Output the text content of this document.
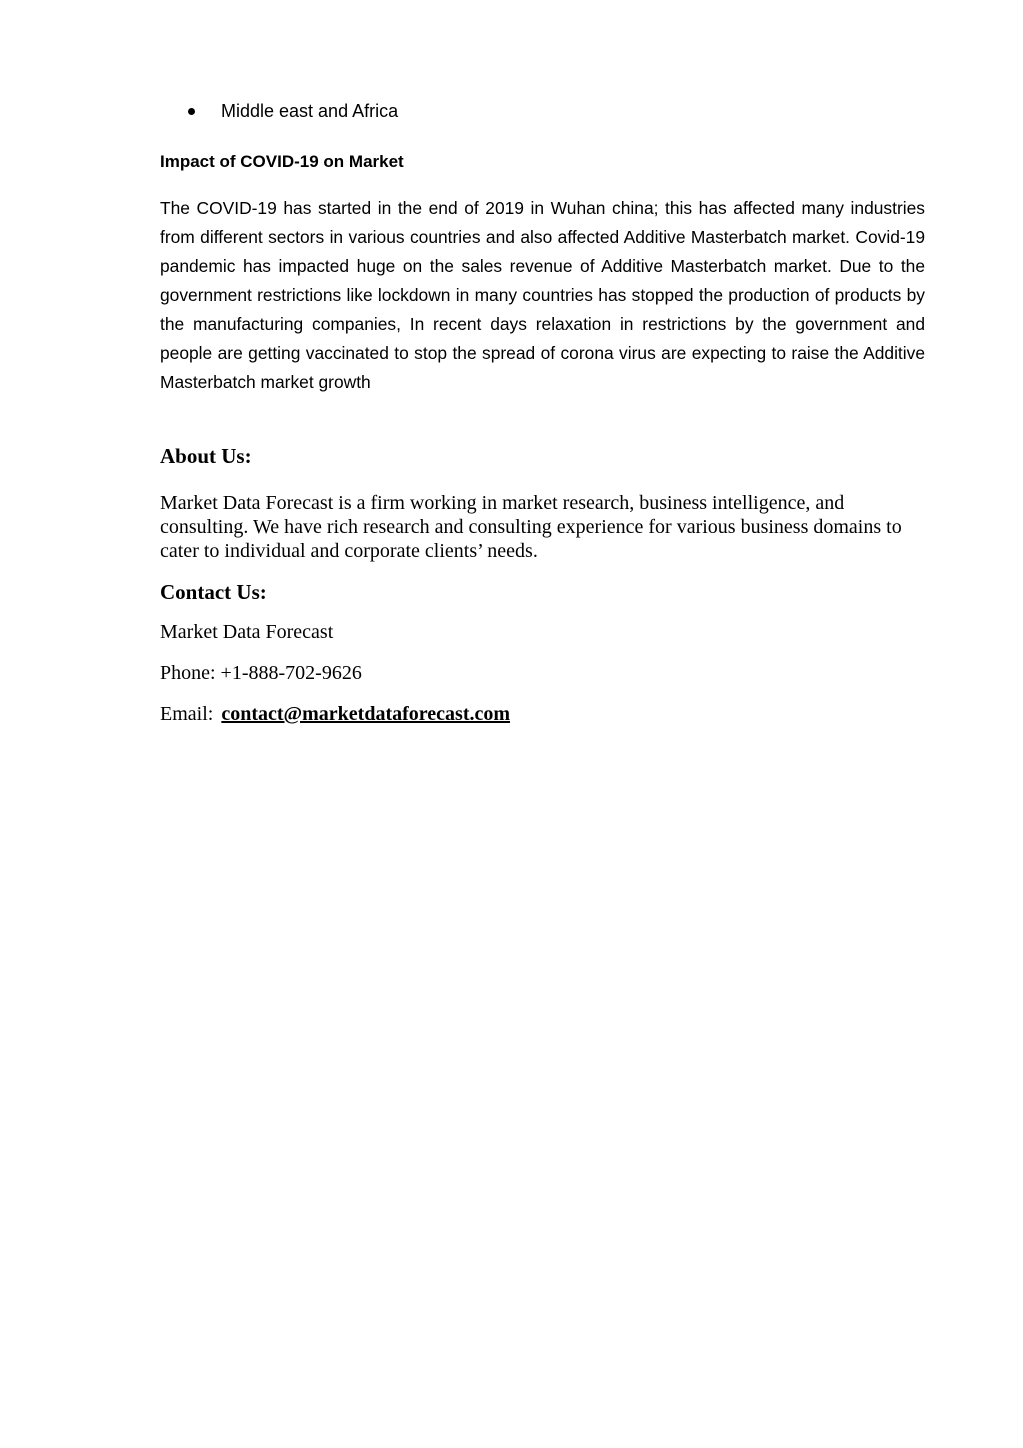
Middle east and Africa
Impact of COVID-19 on Market

The COVID-19 has started in the end of 2019 in Wuhan china; this has affected many industries from different sectors in various countries and also affected Additive Masterbatch market. Covid-19 pandemic has impacted huge on the sales revenue of Additive Masterbatch market. Due to the government restrictions like lockdown in many countries has stopped the production of products by the manufacturing companies, In recent days relaxation in restrictions by the government and people are getting vaccinated to stop the spread of corona virus are expecting to raise the Additive Masterbatch market growth

About Us:

Market Data Forecast is a firm working in market research, business intelligence, and consulting. We have rich research and consulting experience for various business domains to cater to individual and corporate clients’ needs.

Contact Us:

Market Data Forecast

Phone: +1-888-702-9626

Email: contact@marketdataforecast.com
